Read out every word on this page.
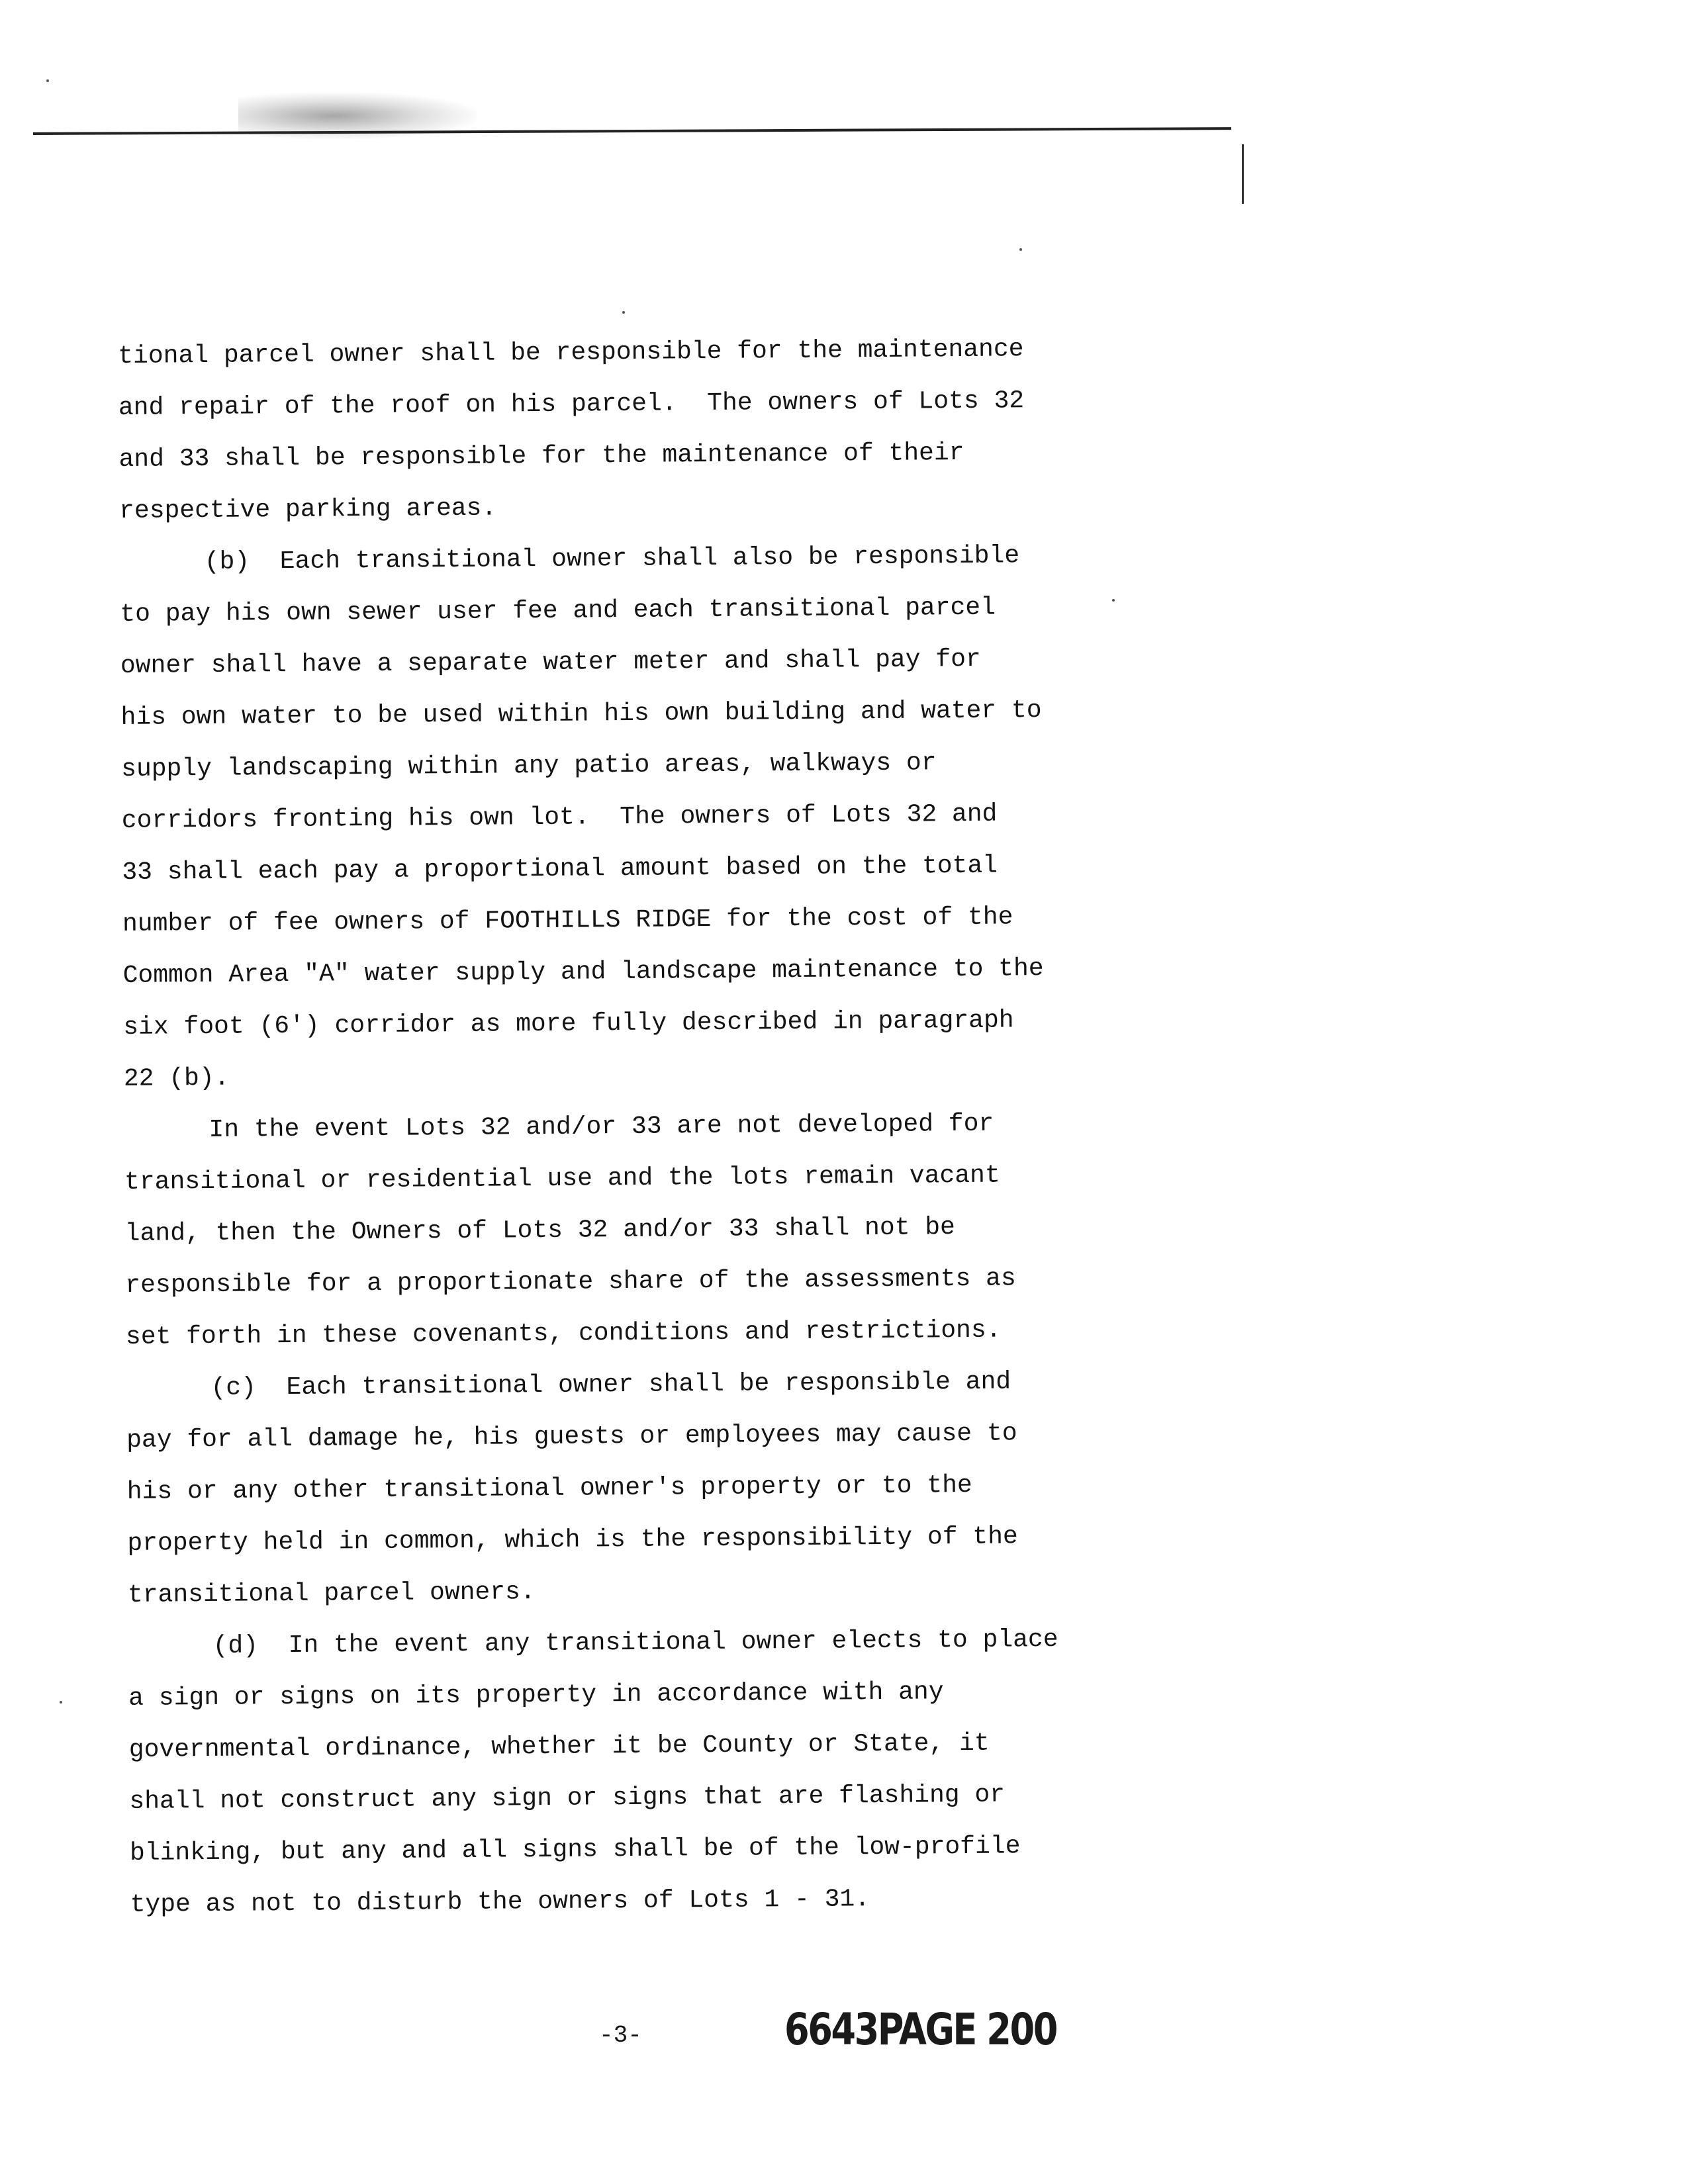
tional parcel owner shall be responsible for the maintenance
and repair of the roof on his parcel.  The owners of Lots 32
and 33 shall be responsible for the maintenance of their
respective parking areas.
(b)  Each transitional owner shall also be responsible
to pay his own sewer user fee and each transitional parcel
owner shall have a separate water meter and shall pay for
his own water to be used within his own building and water to
supply landscaping within any patio areas, walkways or
corridors fronting his own lot.  The owners of Lots 32 and
33 shall each pay a proportional amount based on the total
number of fee owners of FOOTHILLS RIDGE for the cost of the
Common Area "A" water supply and landscape maintenance to the
six foot (6') corridor as more fully described in paragraph
22 (b).
In the event Lots 32 and/or 33 are not developed for
transitional or residential use and the lots remain vacant
land, then the Owners of Lots 32 and/or 33 shall not be
responsible for a proportionate share of the assessments as
set forth in these covenants, conditions and restrictions.
(c)  Each transitional owner shall be responsible and
pay for all damage he, his guests or employees may cause to
his or any other transitional owner's property or to the
property held in common, which is the responsibility of the
transitional parcel owners.
(d)  In the event any transitional owner elects to place
a sign or signs on its property in accordance with any
governmental ordinance, whether it be County or State, it
shall not construct any sign or signs that are flashing or
blinking, but any and all signs shall be of the low-profile
type as not to disturb the owners of Lots 1 - 31.
-3-	6643PAGE 200
